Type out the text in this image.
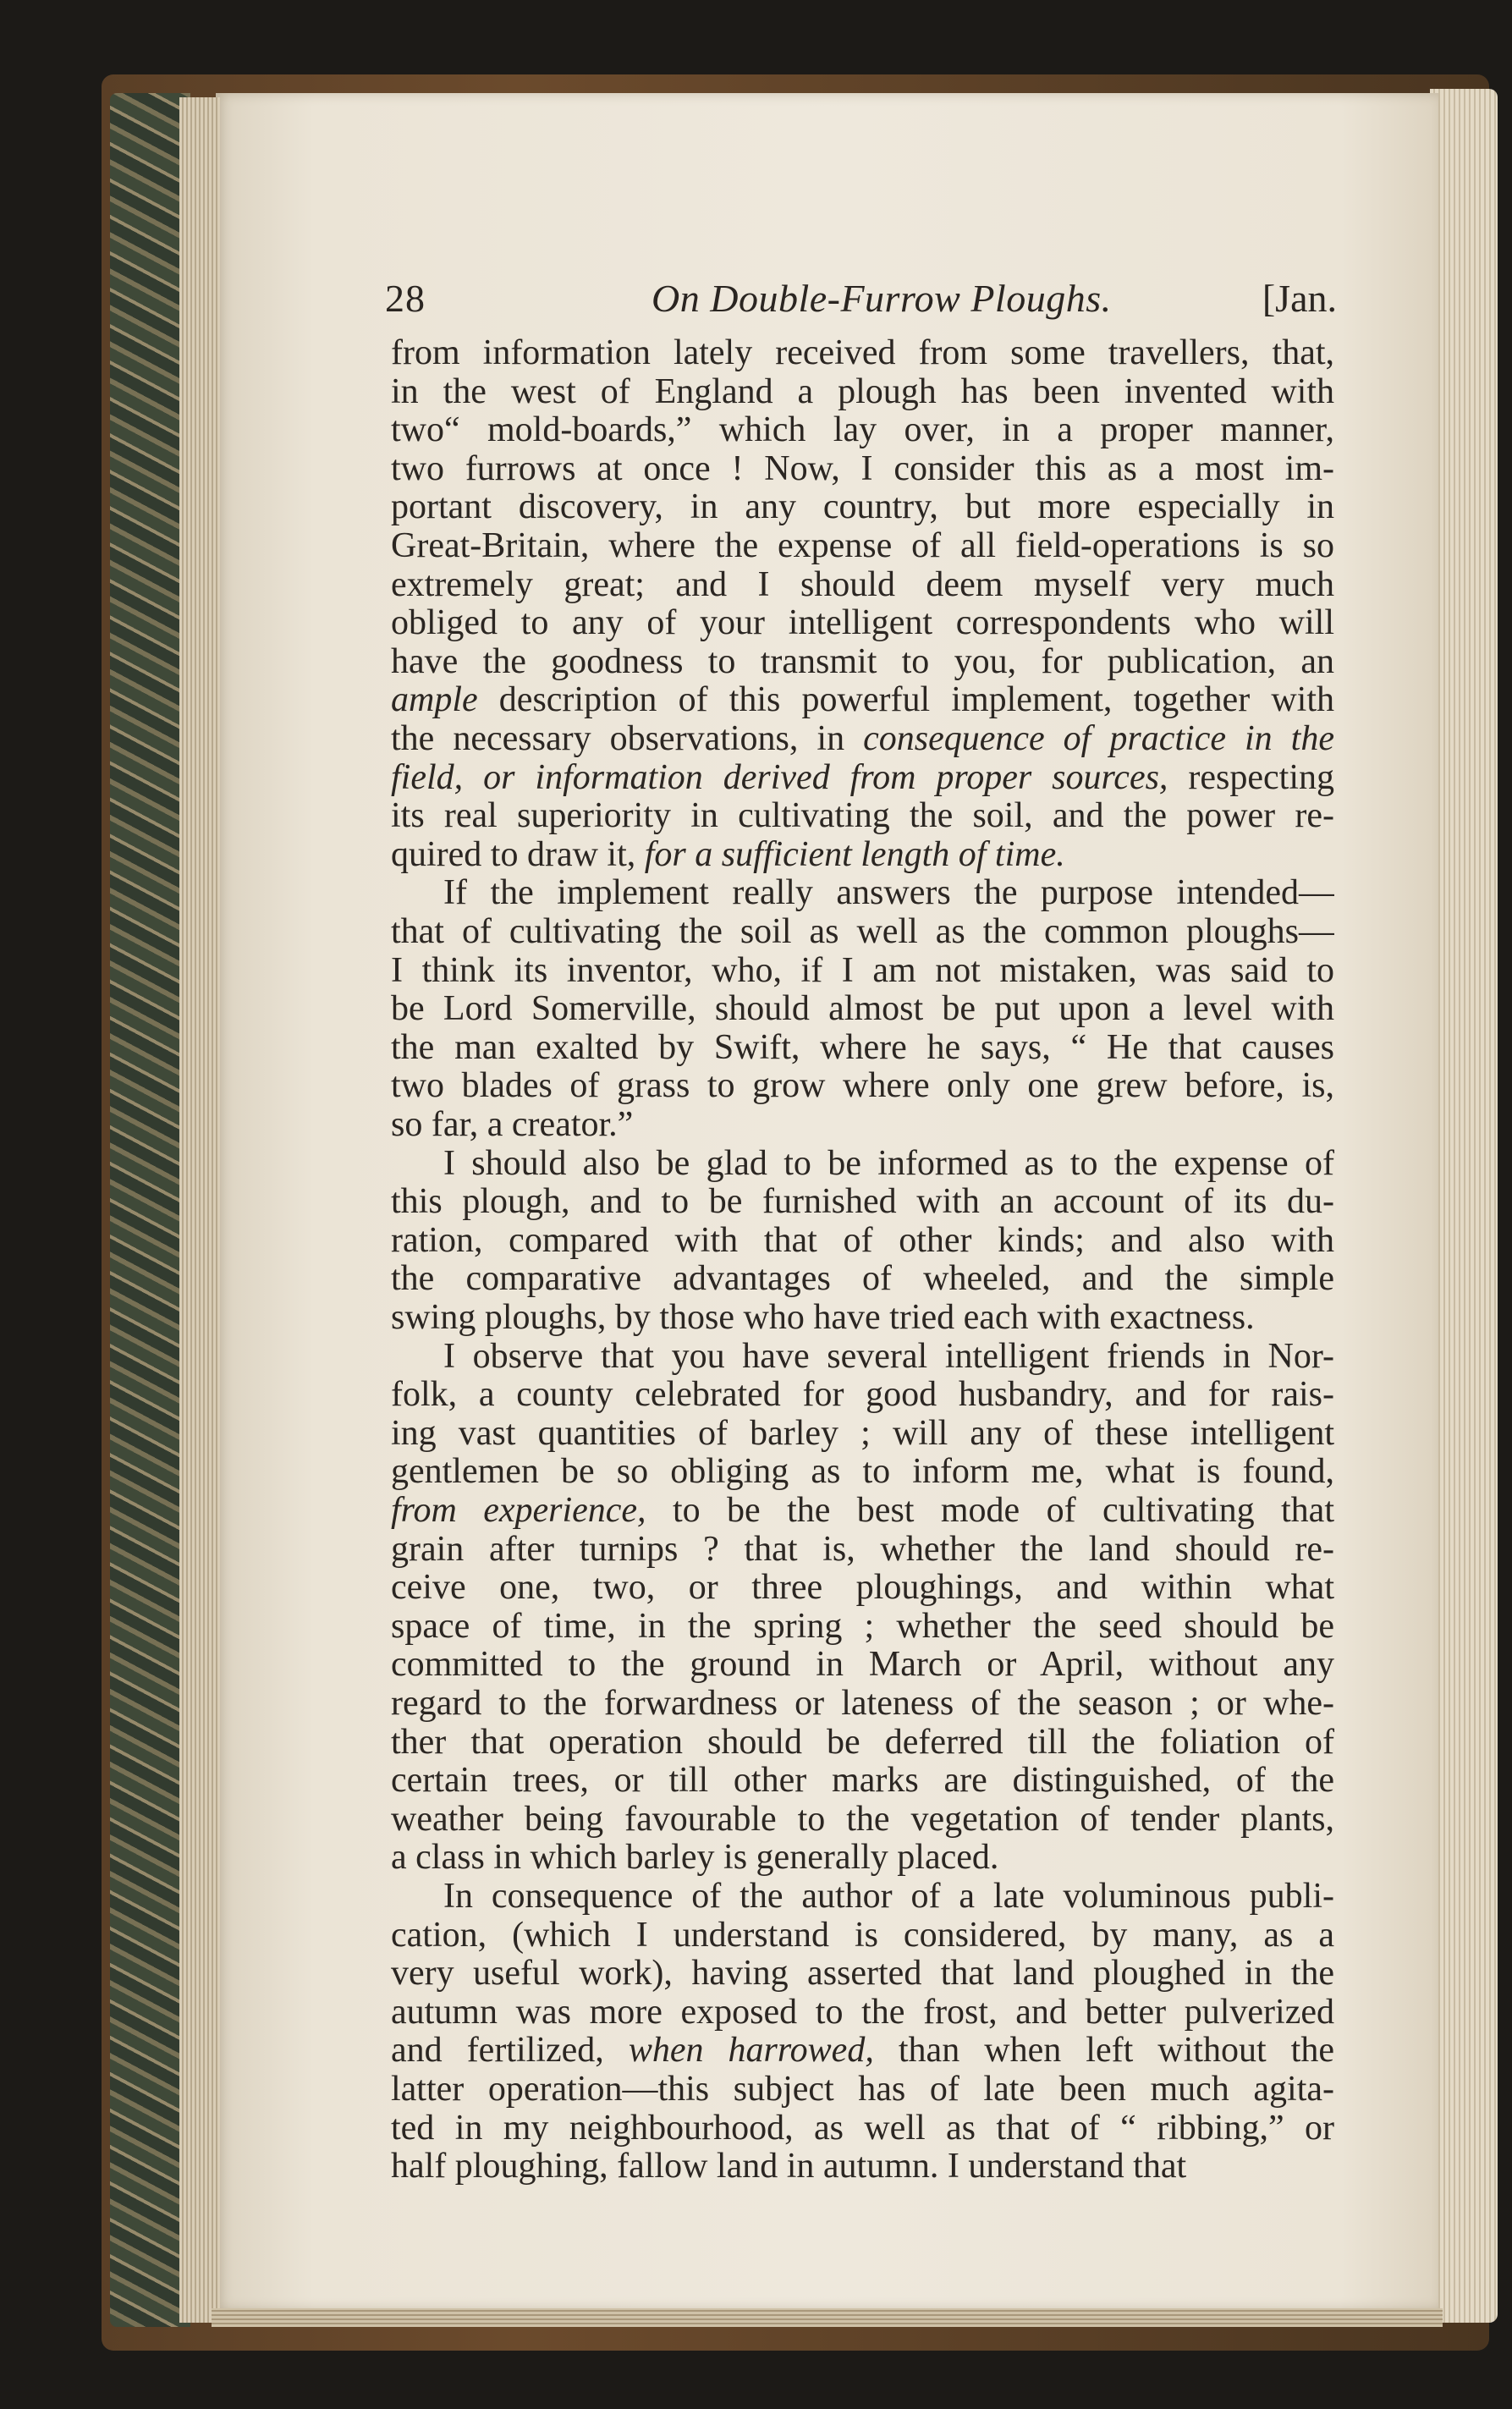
28	On Double-Furrow Ploughs.	[Jan.
from information lately received from some travellers, that,
in the west of England a plough has been invented with
two“ mold-boards,” which lay over, in a proper manner,
two furrows at once ! Now, I consider this as a most im-
portant discovery, in any country, but more especially in
Great-Britain, where the expense of all field-operations is so
extremely great; and I should deem myself very much
obliged to any of your intelligent correspondents who will
have the goodness to transmit to you, for publication, an
ample description of this powerful implement, together with
the necessary observations, in consequence of practice in the
field, or information derived from proper sources, respecting
its real superiority in cultivating the soil, and the power re-
quired to draw it, for a sufficient length of time.
If the implement really answers the purpose intended—
that of cultivating the soil as well as the common ploughs—
I think its inventor, who, if I am not mistaken, was said to
be Lord Somerville, should almost be put upon a level with
the man exalted by Swift, where he says, “ He that causes
two blades of grass to grow where only one grew before, is,
so far, a creator.”
I should also be glad to be informed as to the expense of
this plough, and to be furnished with an account of its du-
ration, compared with that of other kinds; and also with
the comparative advantages of wheeled, and the simple
swing ploughs, by those who have tried each with exactness.
I observe that you have several intelligent friends in Nor-
folk, a county celebrated for good husbandry, and for rais-
ing vast quantities of barley ; will any of these intelligent
gentlemen be so obliging as to inform me, what is found,
from experience, to be the best mode of cultivating that
grain after turnips ? that is, whether the land should re-
ceive one, two, or three ploughings, and within what
space of time, in the spring ; whether the seed should be
committed to the ground in March or April, without any
regard to the forwardness or lateness of the season ; or whe-
ther that operation should be deferred till the foliation of
certain trees, or till other marks are distinguished, of the
weather being favourable to the vegetation of tender plants,
a class in which barley is generally placed.
In consequence of the author of a late voluminous publi-
cation, (which I understand is considered, by many, as a
very useful work), having asserted that land ploughed in the
autumn was more exposed to the frost, and better pulverized
and fertilized, when harrowed, than when left without the
latter operation—this subject has of late been much agita-
ted in my neighbourhood, as well as that of “ ribbing,” or
half ploughing, fallow land in autumn. I understand that
